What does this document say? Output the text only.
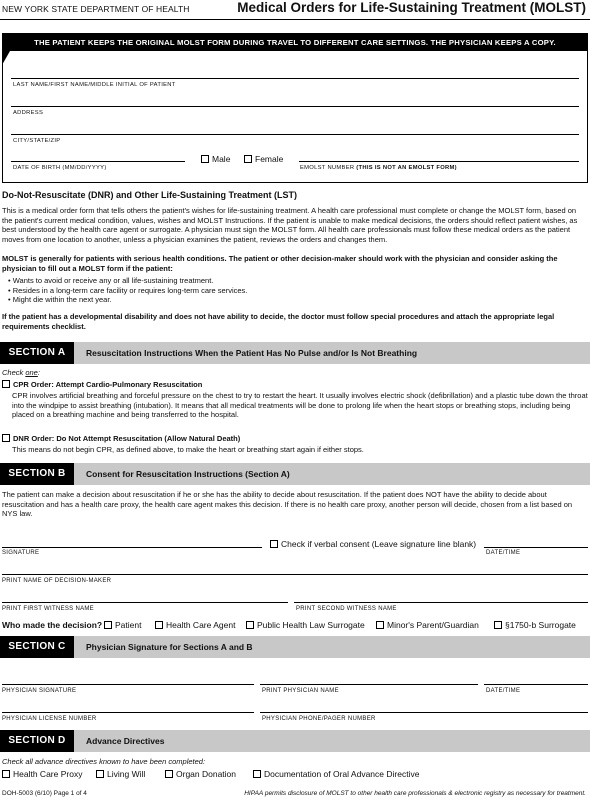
NEW YORK STATE DEPARTMENT OF HEALTH	Medical Orders for Life-Sustaining Treatment (MOLST)
THE PATIENT KEEPS THE ORIGINAL MOLST FORM DURING TRAVEL TO DIFFERENT CARE SETTINGS. THE PHYSICIAN KEEPS A COPY.
LAST NAME/FIRST NAME/MIDDLE INITIAL OF PATIENT
ADDRESS
CITY/STATE/ZIP
DATE OF BIRTH (MM/DD/YYYY)
Male	Female
EMOLST NUMBER (THIS IS NOT AN EMOLST FORM)
Do-Not-Resuscitate (DNR) and Other Life-Sustaining Treatment (LST)
This is a medical order form that tells others the patient's wishes for life-sustaining treatment. A health care professional must complete or change the MOLST form, based on the patient's current medical condition, values, wishes and MOLST Instructions. If the patient is unable to make medical decisions, the orders should reflect patient wishes, as best understood by the health care agent or surrogate. A physician must sign the MOLST form. All health care professionals must follow these medical orders as the patient moves from one location to another, unless a physician examines the patient, reviews the orders and changes them.
MOLST is generally for patients with serious health conditions. The patient or other decision-maker should work with the physician and consider asking the physician to fill out a MOLST form if the patient:
• Wants to avoid or receive any or all life-sustaining treatment.
• Resides in a long-term care facility or requires long-term care services.
• Might die within the next year.
If the patient has a developmental disability and does not have ability to decide, the doctor must follow special procedures and attach the appropriate legal requirements checklist.
SECTION A	Resuscitation Instructions When the Patient Has No Pulse and/or Is Not Breathing
Check one:
CPR Order: Attempt Cardio-Pulmonary Resuscitation
CPR involves artificial breathing and forceful pressure on the chest to try to restart the heart. It usually involves electric shock (defibrillation) and a plastic tube down the throat into the windpipe to assist breathing (intubation). It means that all medical treatments will be done to prolong life when the heart stops or breathing stops, including being placed on a breathing machine and being transferred to the hospital.
DNR Order: Do Not Attempt Resuscitation (Allow Natural Death)
This means do not begin CPR, as defined above, to make the heart or breathing start again if either stops.
SECTION B	Consent for Resuscitation Instructions (Section A)
The patient can make a decision about resuscitation if he or she has the ability to decide about resuscitation. If the patient does NOT have the ability to decide about resuscitation and has a health care proxy, the health care agent makes this decision. If there is no health care proxy, another person will decide, chosen from a list based on NYS law.
Check if verbal consent (Leave signature line blank)
SIGNATURE	DATE/TIME
PRINT NAME OF DECISION-MAKER
PRINT FIRST WITNESS NAME	PRINT SECOND WITNESS NAME
Who made the decision?	Patient	Health Care Agent	Public Health Law Surrogate	Minor's Parent/Guardian	§1750-b Surrogate
SECTION C	Physician Signature for Sections A and B
PHYSICIAN SIGNATURE	PRINT PHYSICIAN NAME	DATE/TIME
PHYSICIAN LICENSE NUMBER	PHYSICIAN PHONE/PAGER NUMBER
SECTION D	Advance Directives
Check all advance directives known to have been completed:
Health Care Proxy	Living Will	Organ Donation	Documentation of Oral Advance Directive
DOH-5003 (6/10) Page 1 of 4	HIPAA permits disclosure of MOLST to other health care professionals & electronic registry as necessary for treatment.
